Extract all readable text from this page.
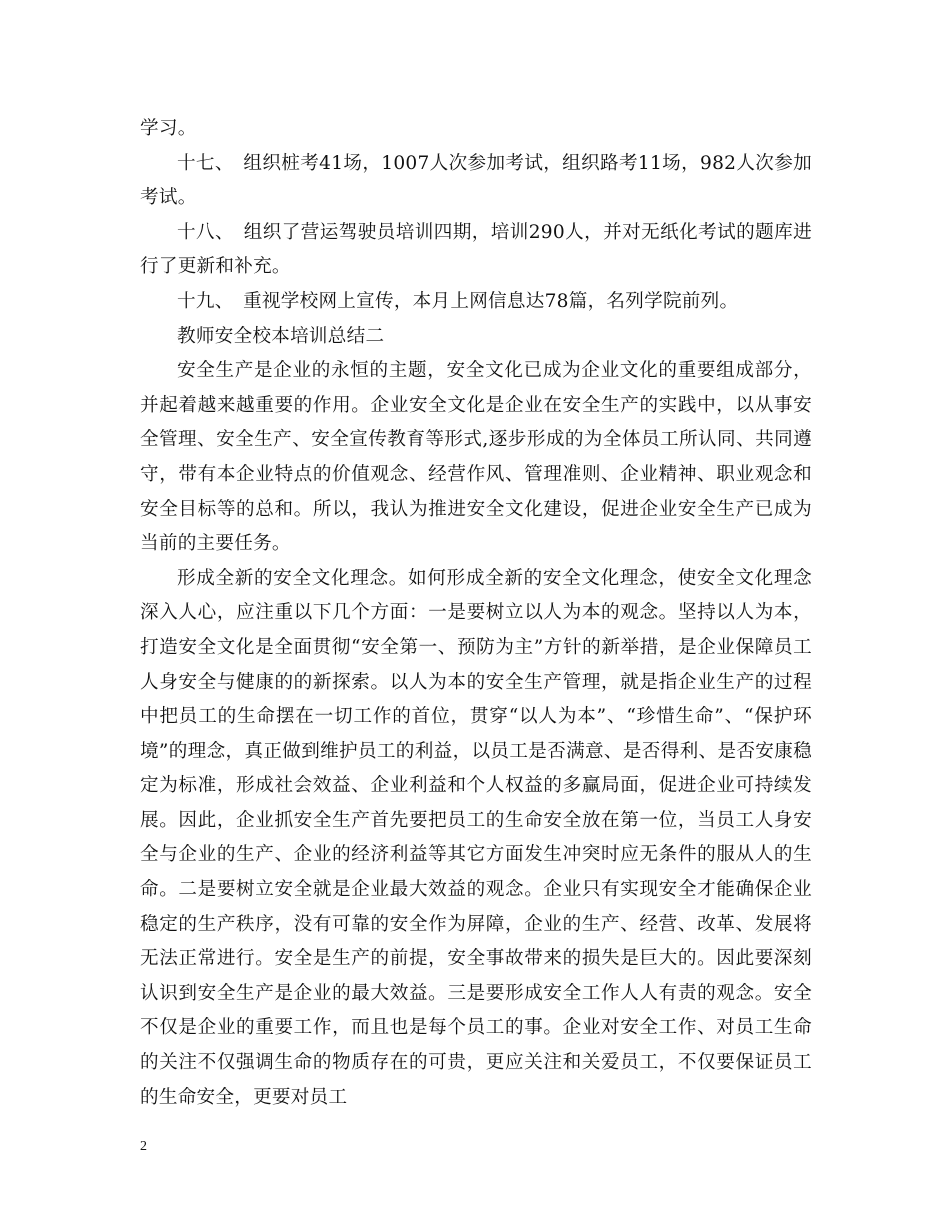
学习。

十七、　组织桩考41场，1007人次参加考试，组织路考11场，982人次参加考试。

十八、　组织了营运驾驶员培训四期，培训290人，并对无纸化考试的题库进行了更新和补充。

十九、　重视学校网上宣传，本月上网信息达78篇，名列学院前列。

教师安全校本培训总结二

安全生产是企业的永恒的主题，安全文化已成为企业文化的重要组成部分，并起着越来越重要的作用。企业安全文化是企业在安全生产的实践中，以从事安全管理、安全生产、安全宣传教育等形式,逐步形成的为全体员工所认同、共同遵守，带有本企业特点的价值观念、经营作风、管理准则、企业精神、职业观念和安全目标等的总和。所以，我认为推进安全文化建设，促进企业安全生产已成为当前的主要任务。

形成全新的安全文化理念。如何形成全新的安全文化理念，使安全文化理念深入人心，应注重以下几个方面：一是要树立以人为本的观念。坚持以人为本，打造安全文化是全面贯彻“安全第一、预防为主”方针的新举措，是企业保障员工人身安全与健康的的新探索。以人为本的安全生产管理，就是指企业生产的过程中把员工的生命摆在一切工作的首位，贯穿“以人为本”、“珍惜生命”、“保护环境”的理念，真正做到维护员工的利益，以员工是否满意、是否得利、是否安康稳定为标准，形成社会效益、企业利益和个人权益的多赢局面，促进企业可持续发展。因此，企业抓安全生产首先要把员工的生命安全放在第一位，当员工人身安全与企业的生产、企业的经济利益等其它方面发生冲突时应无条件的服从人的生命。二是要树立安全就是企业最大效益的观念。企业只有实现安全才能确保企业稳定的生产秩序，没有可靠的安全作为屏障，企业的生产、经营、改革、发展将无法正常进行。安全是生产的前提，安全事故带来的损失是巨大的。因此要深刻认识到安全生产是企业的最大效益。三是要形成安全工作人人有责的观念。安全不仅是企业的重要工作，而且也是每个员工的事。企业对安全工作、对员工生命的关注不仅强调生命的物质存在的可贵，更应关注和关爱员工，不仅要保证员工的生命安全，更要对员工

2
